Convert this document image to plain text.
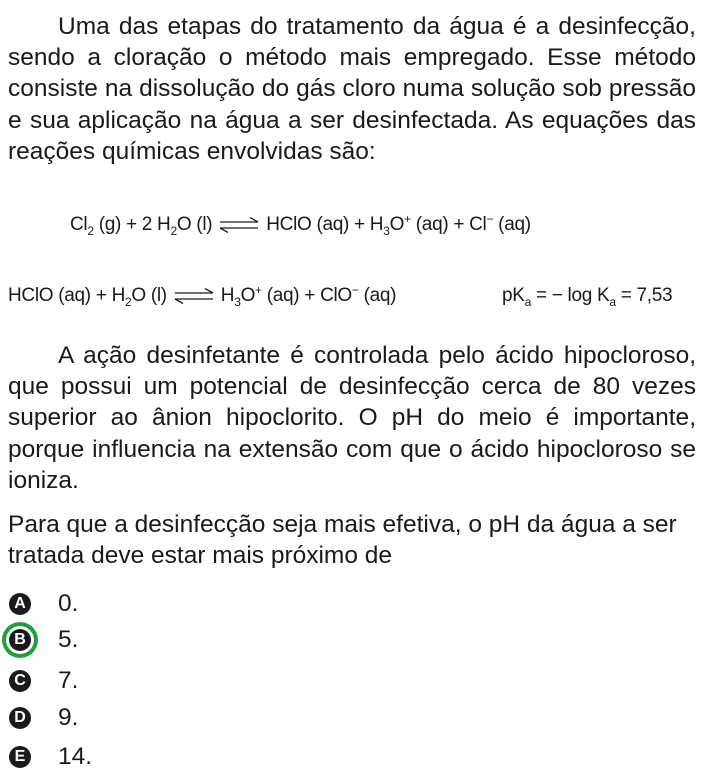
Uma das etapas do tratamento da água é a desinfecção, sendo a cloração o método mais empregado. Esse método consiste na dissolução do gás cloro numa solução sob pressão e sua aplicação na água a ser desinfectada. As equações das reações químicas envolvidas são:

$Cl_2$ (g) + 2 $H_2O$ (l) ⇌ HClO $(aq) + H_3O^+$ (aq) + Cl− (aq)
HClO $(aq) + H_2O$ (l) ⇌ $H_3O^+$ (aq) + ClO− (aq)	$pK_a$ = − $\log K_a = 7,53$

A ação desinfetante é controlada pelo ácido hipocloroso, que possui um potencial de desinfecção cerca de 80 vezes superior ao ânion hipoclorito. O pH do meio é importante, porque influencia na extensão com que o ácido hipocloroso se ioniza.

Para que a desinfecção seja mais efetiva, o pH da água a ser tratada deve estar mais próximo de

A 0.
B 5.
C 7.
D 9.
E 14.
